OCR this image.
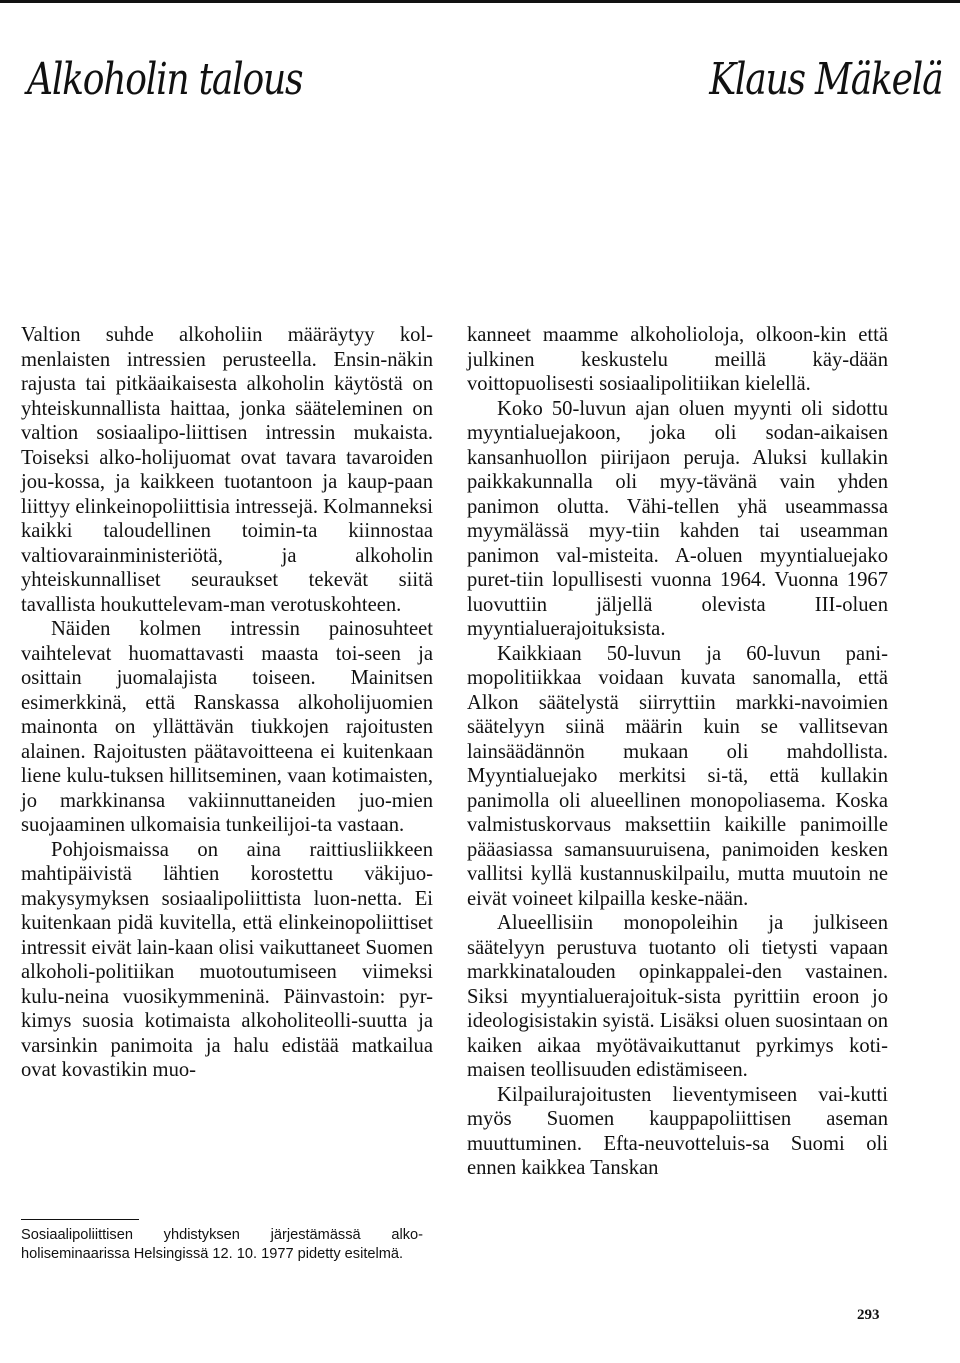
Alkoholin talous	Klaus Mäkelä

Valtion suhde alkoholiin määräytyy kol-menlaisten intressien perusteella. Ensin-näkin rajusta tai pitkäaikaisesta alkoholin käytöstä on yhteiskunnallista haittaa, jonka sääteleminen on valtion sosiaalipo-liittisen intressin mukaista. Toiseksi alko-holijuomat ovat tavara tavaroiden jou-kossa, ja kaikkeen tuotantoon ja kaup-paan liittyy elinkeinopoliittisia intressejä. Kolmanneksi kaikki taloudellinen toimin-ta kiinnostaa valtiovarainministeriötä, ja alkoholin yhteiskunnalliset seuraukset tekevät siitä tavallista houkuttelevam-man verotuskohteen.

Näiden kolmen intressin painosuhteet vaihtelevat huomattavasti maasta toi-seen ja osittain juomalajista toiseen. Mainitsen esimerkkinä, että Ranskassa alkoholijuomien mainonta on yllättävän tiukkojen rajoitusten alainen. Rajoitusten päätavoitteena ei kuitenkaan liene kulu-tuksen hillitseminen, vaan kotimaisten, jo markkinansa vakiinnuttaneiden juo-mien suojaaminen ulkomaisia tunkeilijoi-ta vastaan.

Pohjoismaissa on aina raittiusliikkeen mahtipäivistä lähtien korostettu väkijuo-makysymyksen sosiaalipoliittista luon-netta. Ei kuitenkaan pidä kuvitella, että elinkeinopoliittiset intressit eivät lain-kaan olisi vaikuttaneet Suomen alkoholi-politiikan muotoutumiseen viimeksi kulu-neina vuosikymmeninä. Päinvastoin: pyr-kimys suosia kotimaista alkoholiteolli-suutta ja varsinkin panimoita ja halu edistää matkailua ovat kovastikin muo-

kanneet maamme alkoholioloja, olkoon-kin että julkinen keskustelu meillä käy-dään voittopuolisesti sosiaalipolitiikan kielellä.

Koko 50-luvun ajan oluen myynti oli sidottu myyntialuejakoon, joka oli sodan-aikaisen kansanhuollon piirijaon peruja. Aluksi kullakin paikkakunnalla oli myy-tävänä vain yhden panimon olutta. Vähi-tellen yhä useammassa myymälässä myy-tiin kahden tai useamman panimon val-misteita. A-oluen myyntialuejako puret-tiin lopullisesti vuonna 1964. Vuonna 1967 luovuttiin jäljellä olevista III-oluen myyntialuerajoituksista.

Kaikkiaan 50-luvun ja 60-luvun pani-mopolitiikkaa voidaan kuvata sanomalla, että Alkon säätelystä siirryttiin markki-navoimien säätelyyn siinä määrin kuin se vallitsevan lainsäädännön mukaan oli mahdollista. Myyntialuejako merkitsi si-tä, että kullakin panimolla oli alueellinen monopoliasema. Koska valmistuskorvaus maksettiin kaikille panimoille pääasiassa samansuuruisena, panimoiden kesken vallitsi kyllä kustannuskilpailu, mutta muutoin ne eivät voineet kilpailla keske-nään.

Alueellisiin monopoleihin ja julkiseen säätelyyn perustuva tuotanto oli tietysti vapaan markkinatalouden opinkappalei-den vastainen. Siksi myyntialuerajoituk-sista pyrittiin eroon jo ideologisistakin syistä. Lisäksi oluen suosintaan on kaiken aikaa myötävaikuttanut pyrkimys koti-maisen teollisuuden edistämiseen.

Kilpailurajoitusten lieventymiseen vai-kutti myös Suomen kauppapoliittisen aseman muuttuminen. Efta-neuvotteluis-sa Suomi oli ennen kaikkea Tanskan

Sosiaalipoliittisen yhdistyksen järjestämässä alko-holiseminaarissa Helsingissä 12. 10. 1977 pidetty esitelmä.
293
